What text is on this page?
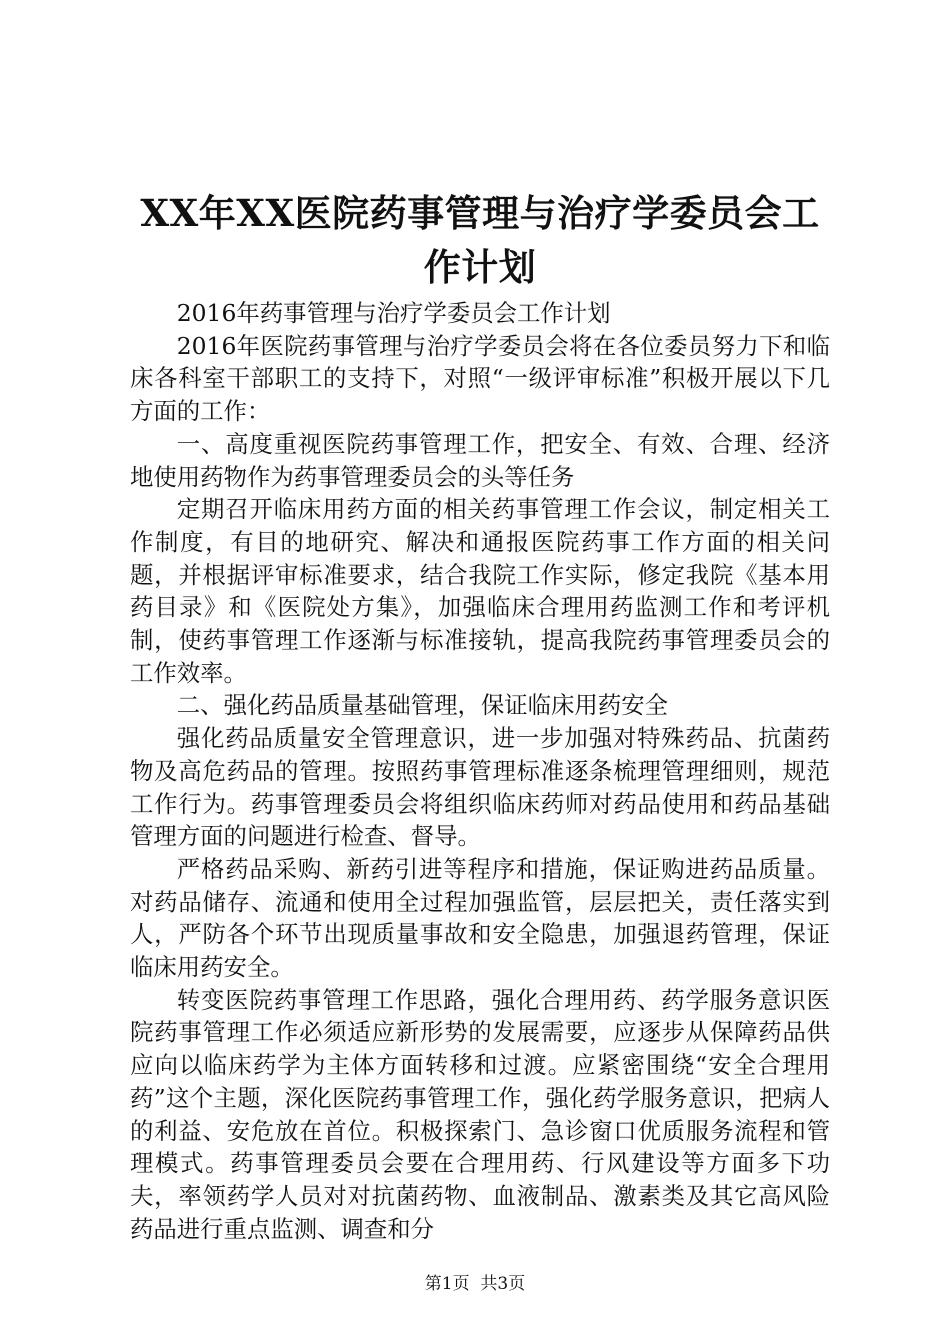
XX年XX医院药事管理与治疗学委员会工作计划

2016年药事管理与治疗学委员会工作计划

2016年医院药事管理与治疗学委员会将在各位委员努力下和临床各科室干部职工的支持下，对照“一级评审标准”积极开展以下几方面的工作：

一、高度重视医院药事管理工作，把安全、有效、合理、经济地使用药物作为药事管理委员会的头等任务

定期召开临床用药方面的相关药事管理工作会议，制定相关工作制度，有目的地研究、解决和通报医院药事工作方面的相关问题，并根据评审标准要求，结合我院工作实际，修定我院《基本用药目录》和《医院处方集》，加强临床合理用药监测工作和考评机制，使药事管理工作逐渐与标准接轨，提高我院药事管理委员会的工作效率。

二、强化药品质量基础管理，保证临床用药安全

强化药品质量安全管理意识，进一步加强对特殊药品、抗菌药物及高危药品的管理。按照药事管理标准逐条梳理管理细则，规范工作行为。药事管理委员会将组织临床药师对药品使用和药品基础管理方面的问题进行检查、督导。

严格药品采购、新药引进等程序和措施，保证购进药品质量。对药品储存、流通和使用全过程加强监管，层层把关，责任落实到人，严防各个环节出现质量事故和安全隐患，加强退药管理，保证临床用药安全。

转变医院药事管理工作思路，强化合理用药、药学服务意识医院药事管理工作必须适应新形势的发展需要，应逐步从保障药品供应向以临床药学为主体方面转移和过渡。应紧密围绕“安全合理用药”这个主题，深化医院药事管理工作，强化药学服务意识，把病人的利益、安危放在首位。积极探索门、急诊窗口优质服务流程和管理模式。药事管理委员会要在合理用药、行风建设等方面多下功夫，率领药学人员对对抗菌药物、血液制品、激素类及其它高风险药品进行重点监测、调查和分

第1页  共3页
